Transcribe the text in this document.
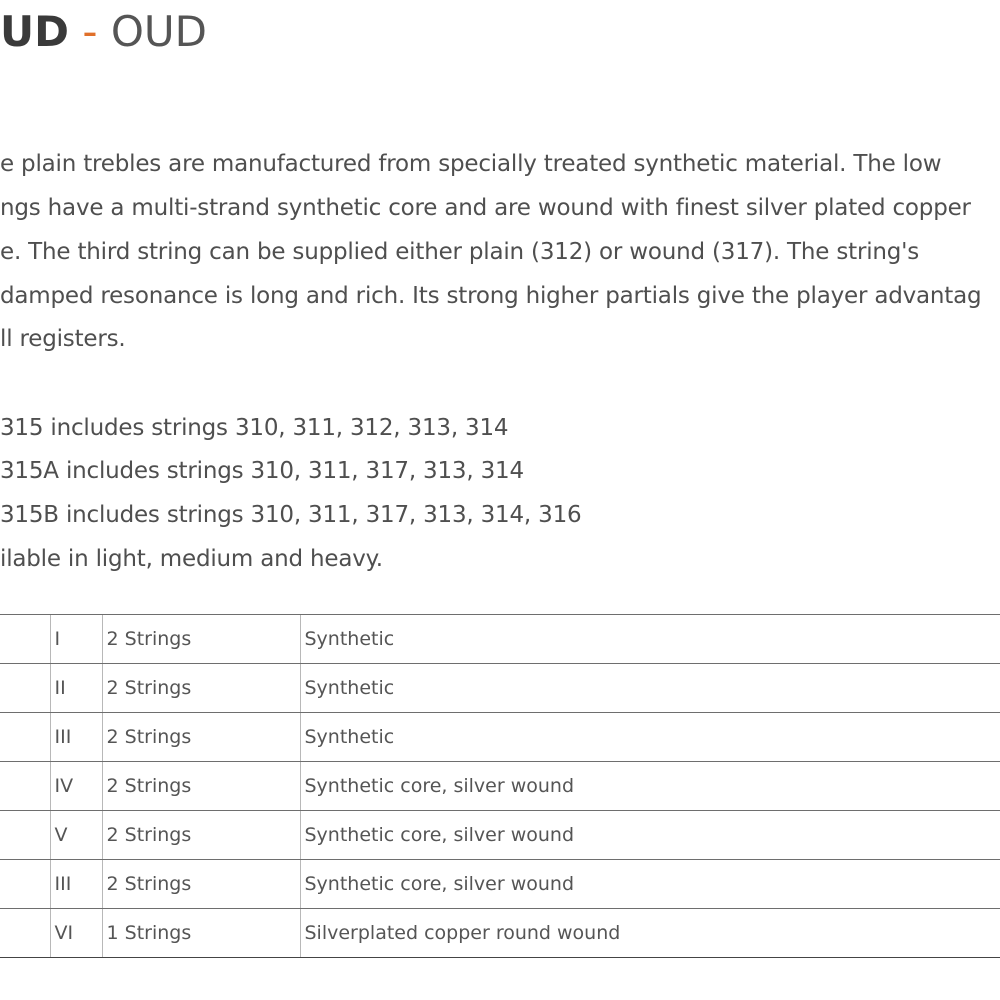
UD - OUD

e plain trebles are manufactured from specially treated synthetic material. The low

ngs have a multi-strand synthetic core and are wound with finest silver plated copper

e. The third string can be supplied either plain (312) or wound (317). The string's

damped resonance is long and rich. Its strong higher partials give the player advantag

ll registers.

315 includes strings 310, 311, 312, 313, 314

315A includes strings 310, 311, 317, 313, 314

315B includes strings 310, 311, 317, 313, 314, 316

ilable in light, medium and heavy.

	I	2 Strings	Synthetic
	II	2 Strings	Synthetic
	III	2 Strings	Synthetic
	IV	2 Strings	Synthetic core, silver wound
	V	2 Strings	Synthetic core, silver wound
	III	2 Strings	Synthetic core, silver wound
	VI	1 Strings	Silverplated copper round wound
